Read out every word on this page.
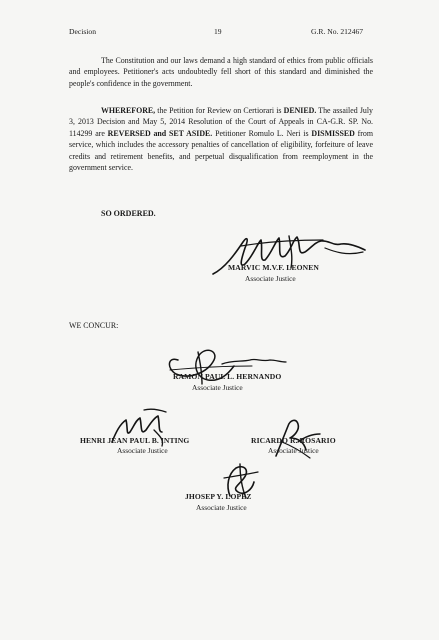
Decision	19	G.R. No. 212467
The Constitution and our laws demand a high standard of ethics from public officials and employees. Petitioner's acts undoubtedly fell short of this standard and diminished the people's confidence in the government.
WHEREFORE, the Petition for Review on Certiorari is DENIED. The assailed July 3, 2013 Decision and May 5, 2014 Resolution of the Court of Appeals in CA-G.R. SP. No. 114299 are REVERSED and SET ASIDE. Petitioner Romulo L. Neri is DISMISSED from service, which includes the accessory penalties of cancellation of eligibility, forfeiture of leave credits and retirement benefits, and perpetual disqualification from reemployment in the government service.
SO ORDERED.
MARVIC M.V.F. LEONEN
Associate Justice
WE CONCUR:
RAMON PAUL L. HERNANDO
Associate Justice
HENRI JEAN PAUL B. INTING
Associate Justice
RICARDO R. ROSARIO
Associate Justice
JHOSEP Y. LOPEZ
Associate Justice
